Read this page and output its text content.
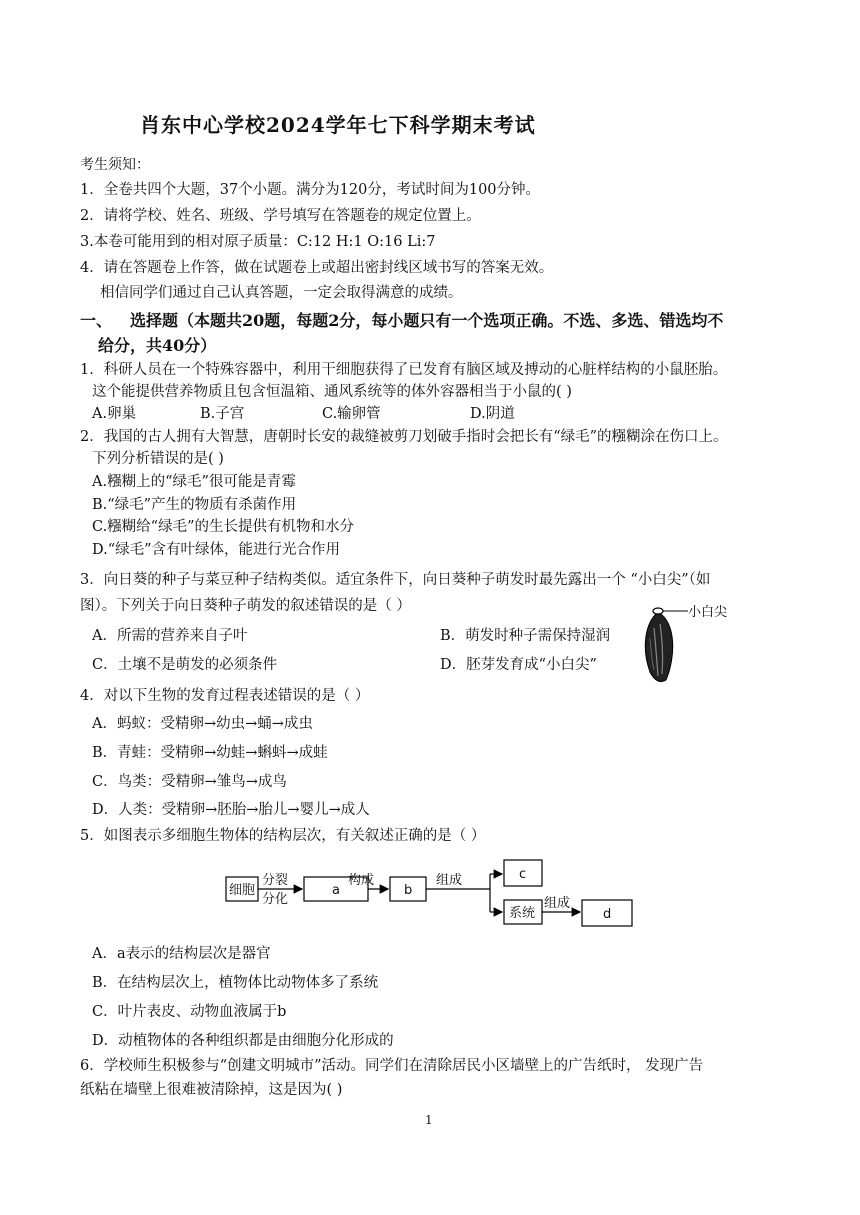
肖东中心学校2024学年七下科学期末考试
考生须知：
1．全卷共四个大题，37个小题。满分为120分，考试时间为100分钟。
2．请将学校、姓名、班级、学号填写在答题卷的规定位置上。
3.本卷可能用到的相对原子质量：C:12 H:1 O:16 Li:7
4．请在答题卷上作答，做在试题卷上或超出密封线区域书写的答案无效。
相信同学们通过自己认真答题，一定会取得满意的成绩。
一、 选择题（本题共20题，每题2分，每小题只有一个选项正确。不选、多选、错选均不
给分，共40分）
1．科研人员在一个特殊容器中，利用干细胞获得了已发育有脑区域及搏动的心脏样结构的小鼠胚胎。
这个能提供营养物质且包含恒温箱、通风系统等的体外容器相当于小鼠的( )
A.卵巢	B.子宫	C.输卵管	D.阴道
2．我国的古人拥有大智慧，唐朝时长安的裁缝被剪刀划破手指时会把长有“绿毛”的糨糊涂在伤口上。
下列分析错误的是( )
A.糨糊上的“绿毛”很可能是青霉
B.“绿毛”产生的物质有杀菌作用
C.糨糊给“绿毛”的生长提供有机物和水分
D.“绿毛”含有叶绿体，能进行光合作用
3．向日葵的种子与菜豆种子结构类似。适宜条件下，向日葵种子萌发时最先露出一个 “小白尖”（如
图）。下列关于向日葵种子萌发的叙述错误的是（ ）
A．所需的营养来自子叶	B．萌发时种子需保持湿润
C．土壤不是萌发的必须条件	D．胚芽发育成“小白尖”
小白尖
4．对以下生物的发育过程表述错误的是（ ）
A．蚂蚁：受精卵→幼虫→蛹→成虫
B．青蛙：受精卵→幼蛙→蝌蚪→成蛙
C．鸟类：受精卵→雏鸟→成鸟
D．人类：受精卵→胚胎→胎儿→婴儿→成人
5．如图表示多细胞生物体的结构层次，有关叙述正确的是（ ）
细胞
分裂
分化
a
构成
b
组成	c
系统
组成
d
A．a表示的结构层次是器官
B．在结构层次上，植物体比动物体多了系统
C．叶片表皮、动物血液属于b
D．动植物体的各种组织都是由细胞分化形成的
6．学校师生积极参与“创建文明城市”活动。同学们在清除居民小区墙壁上的广告纸时， 发现广告
纸粘在墙壁上很难被清除掉，这是因为( )
1
